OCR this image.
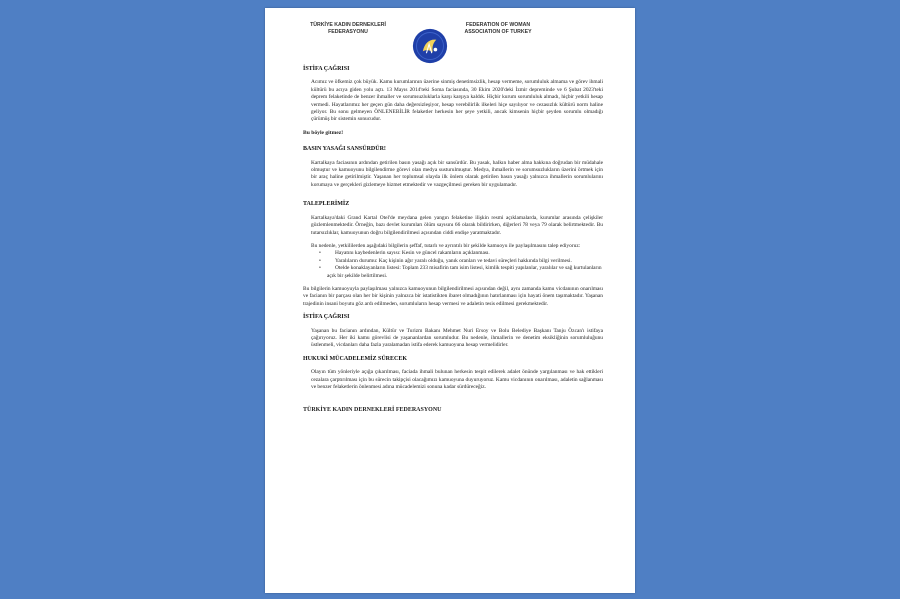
TÜRKİYE KADIN DERNEKLERİ
FEDERASYONU
FEDERATION OF WOMAN
ASSOCIATION OF TURKEY
İSTİFA ÇAĞRISI
Acımız ve öfkemiz çok büyük. Kamu kurumlarının üzerine sinmiş denetimsizlik, hesap vermeme, sorumluluk almama ve görev ihmali kültürü bu acıya giden yolu açtı. 13 Mayıs 2014'teki Soma faciasında, 30 Ekim 2020'deki İzmir depreminde ve 6 Şubat 2023'teki deprem felaketinde de benzer ihmaller ve sorumsuzluklarla karşı karşıya kaldık. Hiçbir kurum sorumluluk almadı, hiçbir yetkili hesap vermedi. Hayatlarımız her geçen gün daha değersizleşiyor, hesap verebilirlik ilkeleri hiçe sayılıyor ve cezasızlık kültürü norm haline geliyor. Bu sonu gelmeyen ÖNLENEBİLİR felaketler herkesin her şeye yetkili, ancak kimsenin hiçbir şeyden sorumlu olmadığı çürümüş bir sistemin sonucudur.
Bu böyle gitmez!
BASIN YASAĞI SANSÜRDÜR!
Kartalkaya faciasının ardından getirilen basın yasağı açık bir sansürdür. Bu yasak, halkın haber alma hakkına doğrudan bir müdahale olmuştur ve kamuoyunu bilgilendirme görevi olan medya susturulmuştur. Medya, ihmallerin ve sorumsuzlukların üzerini örtmek için bir araç haline getirilmiştir. Yaşanan her toplumsal olayda ilk önlem olarak getirilen basın yasağı yalnızca ihmallerin sorumlularını korumaya ve gerçekleri gizlemeye hizmet etmektedir ve vazgeçilmesi gereken bir uygulamadır.
TALEPLERİMİZ
Kartalkaya'daki Grand Kartal Otel'de meydana gelen yangın felaketine ilişkin resmi açıklamalarda, kurumlar arasında çelişkiler gözlemlenmektedir. Örneğin, bazı devlet kurumları ölüm sayısını 66 olarak bildirirken, diğerleri 78 veya 79 olarak belirtmektedir. Bu tutarsızlıklar, kamuoyunun doğru bilgilendirilmesi açısından ciddi endişe yaratmaktadır.
Bu nedenle, yetkililerden aşağıdaki bilgilerin şeffaf, tutarlı ve ayrıntılı bir şekilde kamuoyu ile paylaşılmasını talep ediyoruz:
• Hayatını kaybedenlerin sayısı: Kesin ve güncel rakamların açıklanması.
• Yaralıların durumu: Kaç kişinin ağır yaralı olduğu, yanık oranları ve tedavi süreçleri hakkında bilgi verilmesi.
• Otelde konaklayanların listesi: Toplam 233 misafirin tam isim listesi, kimlik tespiti yapılanlar, yaralılar ve sağ kurtulanların açık bir şekilde belirtilmesi.
Bu bilgilerin kamuoyuyla paylaşılması yalnızca kamuoyunun bilgilendirilmesi açısından değil, aynı zamanda kamu vicdanının onarılması ve facianın bir parçası olan her bir kişinin yalnızca bir istatistikten ibaret olmadığının hatırlanması için hayati önem taşımaktadır. Yaşanan trajedinin insani boyutu göz ardı edilmeden, sorumluların hesap vermesi ve adaletin tesis edilmesi gerekmektedir.
İSTİFA ÇAĞRISI
Yaşanan bu facianın ardından, Kültür ve Turizm Bakanı Mehmet Nuri Ersoy ve Bolu Belediye Başkanı Tanju Özcan'ı istifaya çağırıyoruz. Her iki kamu görevlisi de yaşananlardan sorumludur. Bu nedenle, ihmallerin ve denetim eksikliğinin sorumluluğunu üstlenmeli, vicdanları daha fazla yaralamadan istifa ederek kamuoyuna hesap vermelidirler.
HUKUKİ MÜCADELEMİZ SÜRECEK
Olayın tüm yönleriyle açığa çıkarılması, faciada ihmali bulunan herkesin tespit edilerek adalet önünde yargılanması ve hak ettikleri cezalara çarptırılması için bu sürecin takipçisi olacağımızı kamuoyuna duyuruyoruz. Kamu vicdanının onarılması, adaletin sağlanması ve benzer felaketlerin önlenmesi adına mücadelemizi sonuna kadar sürdüreceğiz.
TÜRKİYE KADIN DERNEKLERİ FEDERASYONU
